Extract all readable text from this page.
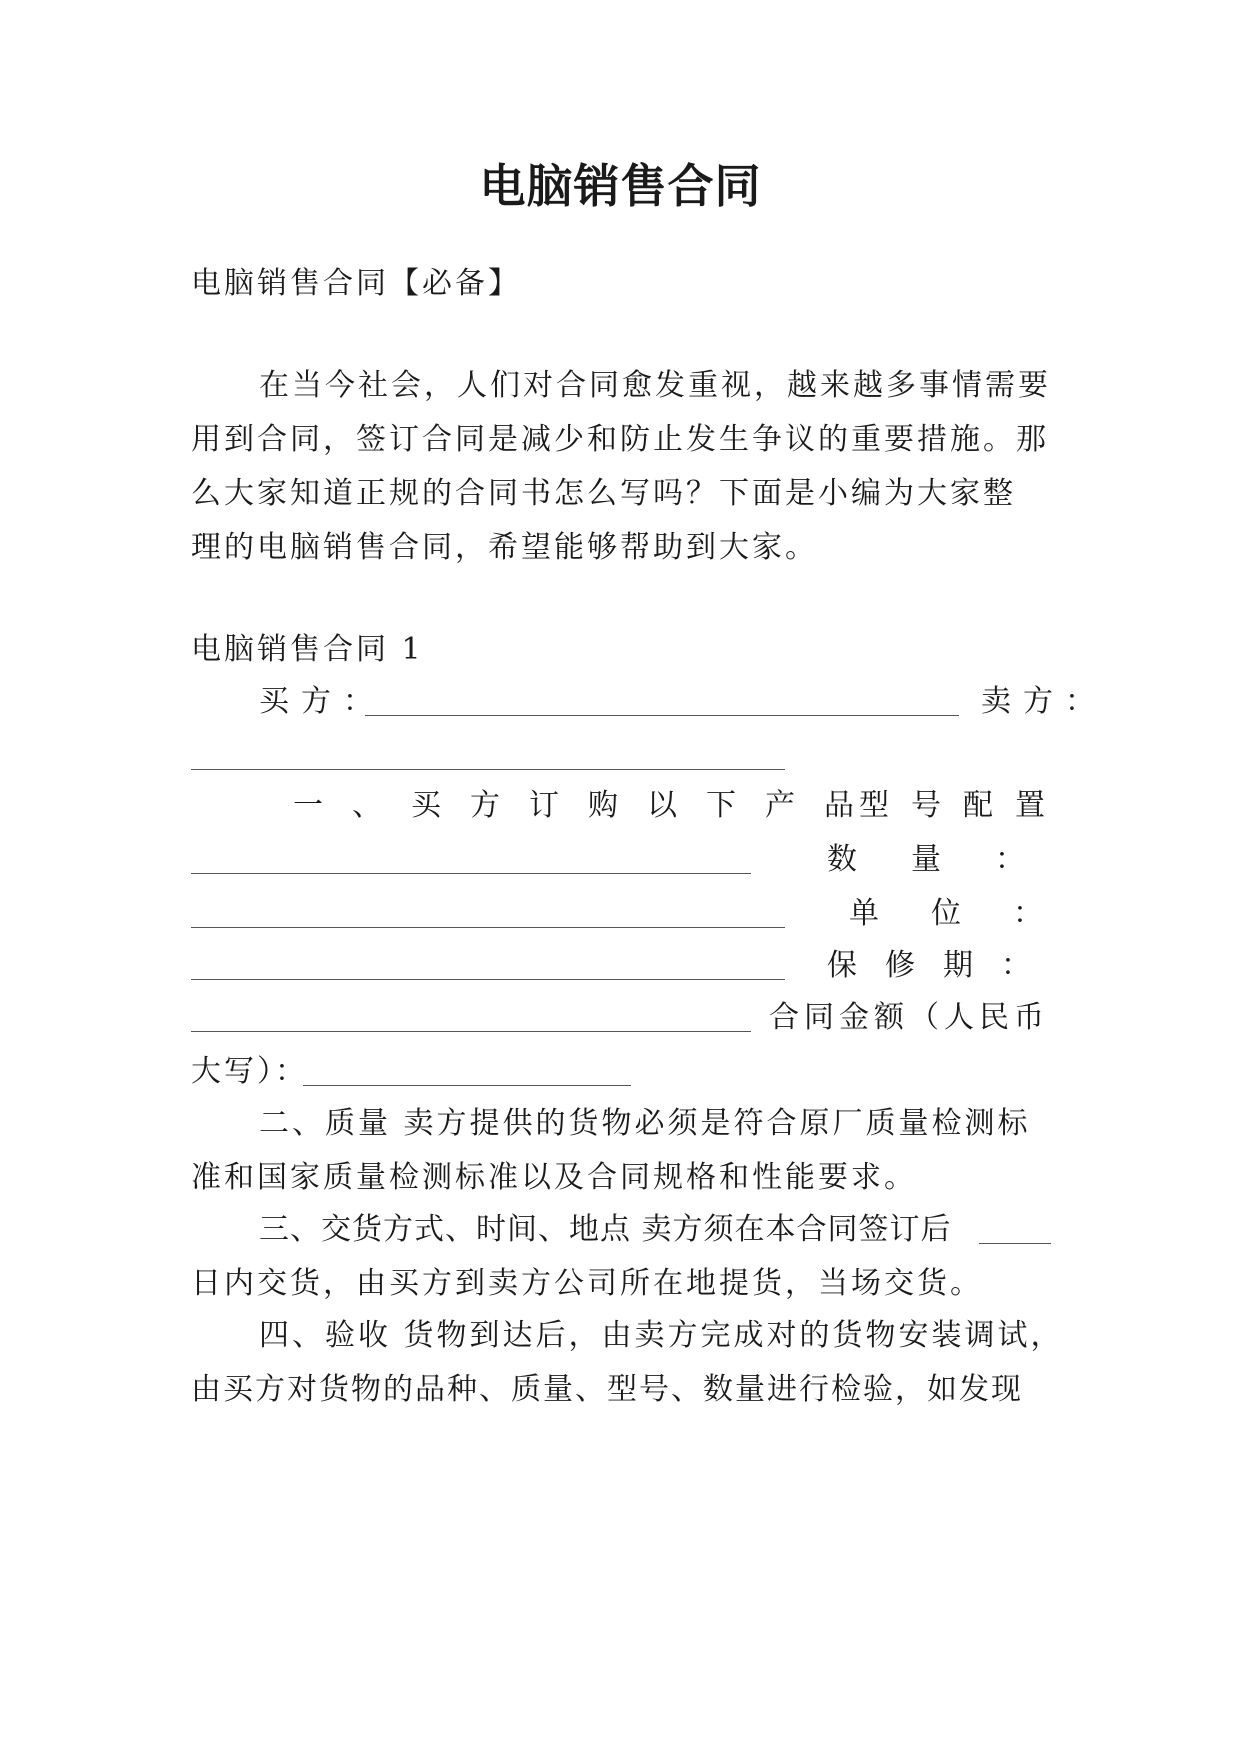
电脑销售合同
电脑销售合同【必备】
在当今社会，人们对合同愈发重视，越来越多事情需要
用到合同，签订合同是减少和防止发生争议的重要措施。那
么大家知道正规的合同书怎么写吗？下面是小编为大家整
理的电脑销售合同，希望能够帮助到大家。
电脑销售合同 1
买方：	卖方：
一、买方订购以下产品
型号配置
数量：
单位：
保修期：
合同金额（人民币
大写）：
二、质量 卖方提供的货物必须是符合原厂质量检测标
准和国家质量检测标准以及合同规格和性能要求。
三、交货方式、时间、地点 卖方须在本合同签订后
日内交货，由买方到卖方公司所在地提货，当场交货。
四、验收 货物到达后，由卖方完成对的货物安装调试，
由买方对货物的品种、质量、型号、数量进行检验，如发现
